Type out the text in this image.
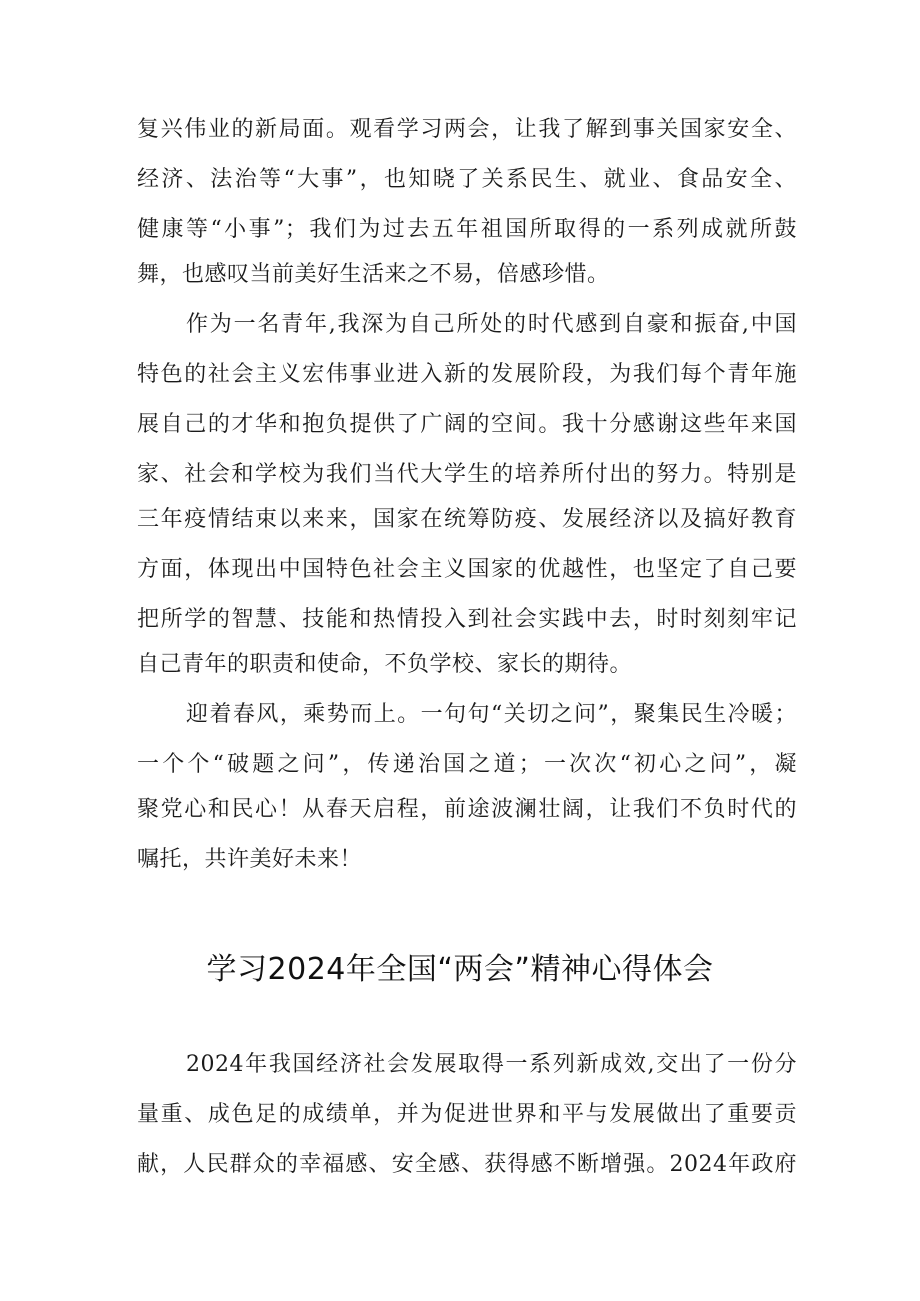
复兴伟业的新局面。观看学习两会，让我了解到事关国家安全、
经济、法治等“大事”，也知晓了关系民生、就业、食品安全、
健康等“小事”；我们为过去五年祖国所取得的一系列成就所鼓
舞，也感叹当前美好生活来之不易，倍感珍惜。
作为一名青年,我深为自己所处的时代感到自豪和振奋,中国
特色的社会主义宏伟事业进入新的发展阶段，为我们每个青年施
展自己的才华和抱负提供了广阔的空间。我十分感谢这些年来国
家、社会和学校为我们当代大学生的培养所付出的努力。特别是
三年疫情结束以来来，国家在统筹防疫、发展经济以及搞好教育
方面，体现出中国特色社会主义国家的优越性，也坚定了自己要
把所学的智慧、技能和热情投入到社会实践中去，时时刻刻牢记
自己青年的职责和使命，不负学校、家长的期待。
迎着春风，乘势而上。一句句“关切之问”，聚集民生冷暖；
一个个“破题之问”，传递治国之道；一次次“初心之问”，凝
聚党心和民心！从春天启程，前途波澜壮阔，让我们不负时代的
嘱托，共许美好未来！
学习2024年全国“两会”精神心得体会
2024年我国经济社会发展取得一系列新成效,交出了一份分
量重、成色足的成绩单，并为促进世界和平与发展做出了重要贡
献，人民群众的幸福感、安全感、获得感不断增强。2024年政府
